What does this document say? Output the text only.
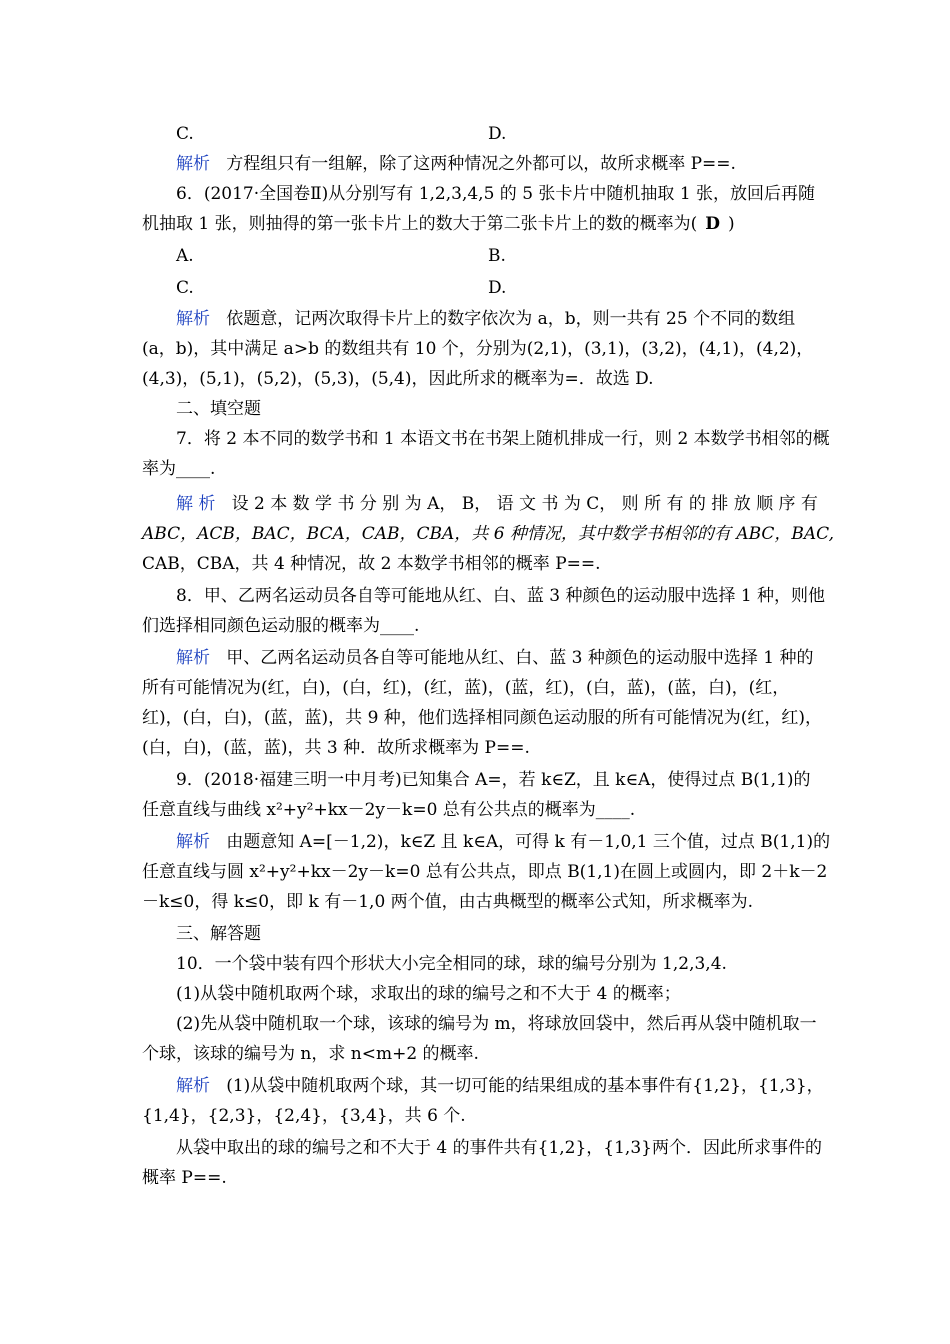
C.	D.
解析 方程组只有一组解，除了这两种情况之外都可以，故所求概率 P==.
6．(2017·全国卷Ⅱ)从分别写有 1,2,3,4,5 的 5 张卡片中随机抽取 1 张，放回后再随
机抽取 1 张，则抽得的第一张卡片上的数大于第二张卡片上的数的概率为( D )
A.	B.
C.	D.
解析 依题意，记两次取得卡片上的数字依次为 a，b，则一共有 25 个不同的数组
(a，b)，其中满足 a>b 的数组共有 10 个，分别为(2,1)，(3,1)，(3,2)，(4,1)，(4,2)，
(4,3)，(5,1)，(5,2)，(5,3)，(5,4)，因此所求的概率为=．故选 D.
二、填空题
7．将 2 本不同的数学书和 1 本语文书在书架上随机排成一行，则 2 本数学书相邻的概
率为____.
解 析 设 2 本 数 学 书 分 别 为 A， B， 语 文 书 为 C， 则 所 有 的 排 放 顺 序 有
ABC，ACB，BAC，BCA，CAB，CBA，共 6 种情况，其中数学书相邻的有 ABC，BAC,
CAB，CBA，共 4 种情况，故 2 本数学书相邻的概率 P==.
8．甲、乙两名运动员各自等可能地从红、白、蓝 3 种颜色的运动服中选择 1 种，则他
们选择相同颜色运动服的概率为____.
解析 甲、乙两名运动员各自等可能地从红、白、蓝 3 种颜色的运动服中选择 1 种的
所有可能情况为(红，白)，(白，红)，(红，蓝)，(蓝，红)，(白，蓝)，(蓝，白)，(红，
红)，(白，白)，(蓝，蓝)，共 9 种，他们选择相同颜色运动服的所有可能情况为(红，红)，
(白，白)，(蓝，蓝)，共 3 种．故所求概率为 P==.
9．(2018·福建三明一中月考)已知集合 A=，若 k∈Z，且 k∈A，使得过点 B(1,1)的
任意直线与曲线 x²+y²+kx－2y－k=0 总有公共点的概率为____.
解析 由题意知 A=[－1,2)，k∈Z 且 k∈A，可得 k 有－1,0,1 三个值，过点 B(1,1)的
任意直线与圆 x²+y²+kx－2y－k=0 总有公共点，即点 B(1,1)在圆上或圆内，即 2＋k－2
－k≤0，得 k≤0，即 k 有－1,0 两个值，由古典概型的概率公式知，所求概率为.
三、解答题
10．一个袋中装有四个形状大小完全相同的球，球的编号分别为 1,2,3,4.
(1)从袋中随机取两个球，求取出的球的编号之和不大于 4 的概率；
(2)先从袋中随机取一个球，该球的编号为 m，将球放回袋中，然后再从袋中随机取一
个球，该球的编号为 n，求 n<m+2 的概率.
解析 (1)从袋中随机取两个球，其一切可能的结果组成的基本事件有{1,2}，{1,3}，
{1,4}，{2,3}，{2,4}，{3,4}，共 6 个.
从袋中取出的球的编号之和不大于 4 的事件共有{1,2}，{1,3}两个．因此所求事件的
概率 P==.
